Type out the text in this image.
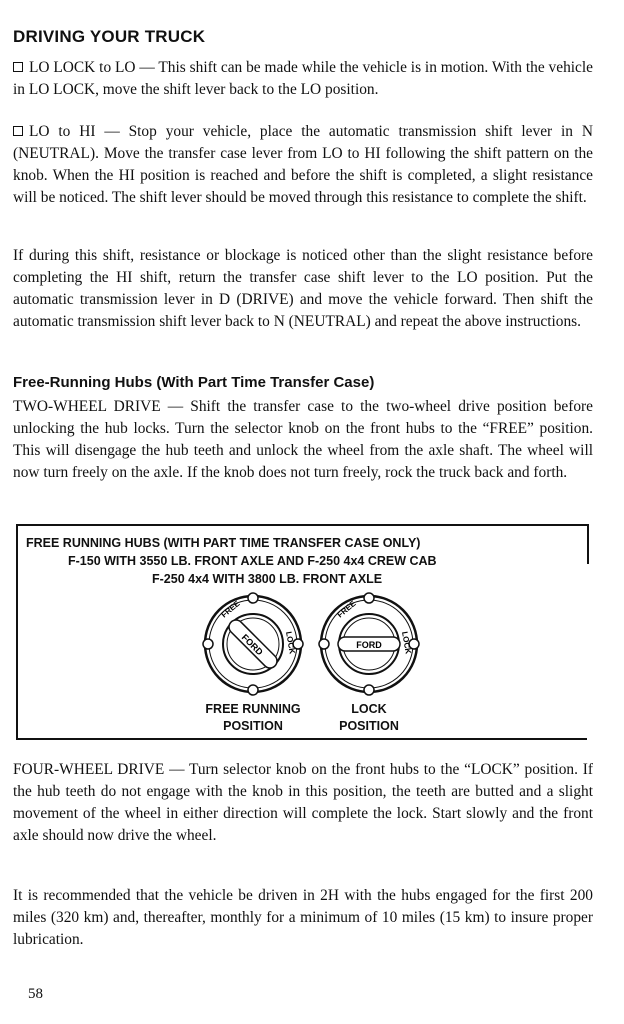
DRIVING YOUR TRUCK

LO LOCK to LO — This shift can be made while the vehicle is in motion. With the vehicle in LO LOCK, move the shift lever back to the LO position.

LO to HI — Stop your vehicle, place the automatic transmission shift lever in N (NEUTRAL). Move the transfer case lever from LO to HI following the shift pattern on the knob. When the HI position is reached and before the shift is completed, a slight resistance will be noticed. The shift lever should be moved through this resistance to complete the shift.

If during this shift, resistance or blockage is noticed other than the slight resistance before completing the HI shift, return the transfer case shift lever to the LO position. Put the automatic transmission lever in D (DRIVE) and move the vehicle forward. Then shift the automatic transmission shift lever back to N (NEUTRAL) and repeat the above instructions.

Free-Running Hubs (With Part Time Transfer Case)

TWO-WHEEL DRIVE — Shift the transfer case to the two-wheel drive position before unlocking the hub locks. Turn the selector knob on the front hubs to the “FREE” position. This will disengage the hub teeth and unlock the wheel from the axle shaft. The wheel will now turn freely on the axle. If the knob does not turn freely, rock the truck back and forth.

FREE RUNNING HUBS (WITH PART TIME TRANSFER CASE ONLY)
F-150 WITH 3550 LB. FRONT AXLE AND F-250 4x4 CREW CAB
F-250 4x4 WITH 3800 LB. FRONT AXLE
FORD
FREE
LOCK	FORD
FREE
LOCK
FREE RUNNING
POSITION
LOCK
POSITION

FOUR-WHEEL DRIVE — Turn selector knob on the front hubs to the “LOCK” position. If the hub teeth do not engage with the knob in this position, the teeth are butted and a slight movement of the wheel in either direction will complete the lock. Start slowly and the front axle should now drive the wheel.

It is recommended that the vehicle be driven in 2H with the hubs engaged for the first 200 miles (320 km) and, thereafter, monthly for a minimum of 10 miles (15 km) to insure proper lubrication.

58
